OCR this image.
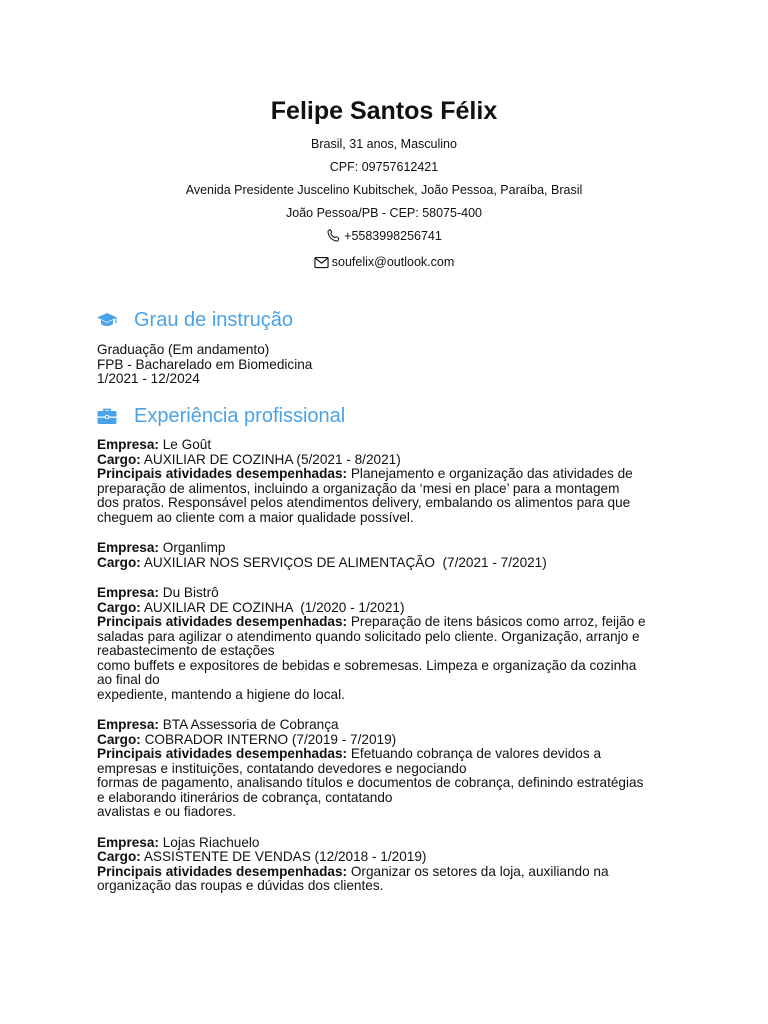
Felipe Santos Félix
Brasil, 31 anos, Masculino
CPF: 09757612421
Avenida Presidente Juscelino Kubitschek, João Pessoa, Paraíba, Brasil
João Pessoa/PB - CEP: 58075-400
+5583998256741
soufelix@outlook.com
Grau de instrução
Graduação (Em andamento)
FPB - Bacharelado em Biomedicina
1/2021 - 12/2024
Experiência profissional
Empresa: Le Goût
Cargo: AUXILIAR DE COZINHA (5/2021 - 8/2021)
Principais atividades desempenhadas: Planejamento e organização das atividades de
preparação de alimentos, incluindo a organização da ‘mesi en place’ para a montagem
dos pratos. Responsável pelos atendimentos delivery, embalando os alimentos para que
cheguem ao cliente com a maior qualidade possível.
Empresa: Organlimp
Cargo: AUXILIAR NOS SERVIÇOS DE ALIMENTAÇÃO  (7/2021 - 7/2021)
Empresa: Du Bistrô
Cargo: AUXILIAR DE COZINHA  (1/2020 - 1/2021)
Principais atividades desempenhadas: Preparação de itens básicos como arroz, feijão e
saladas para agilizar o atendimento quando solicitado pelo cliente. Organização, arranjo e
reabastecimento de estações
como buffets e expositores de bebidas e sobremesas. Limpeza e organização da cozinha
ao final do
expediente, mantendo a higiene do local.
Empresa: BTA Assessoria de Cobrança
Cargo: COBRADOR INTERNO (7/2019 - 7/2019)
Principais atividades desempenhadas: Efetuando cobrança de valores devidos a
empresas e instituições, contatando devedores e negociando
formas de pagamento, analisando títulos e documentos de cobrança, definindo estratégias
e elaborando itinerários de cobrança, contatando
avalistas e ou fiadores.
Empresa: Lojas Riachuelo
Cargo: ASSISTENTE DE VENDAS (12/2018 - 1/2019)
Principais atividades desempenhadas: Organizar os setores da loja, auxiliando na
organização das roupas e dúvidas dos clientes.
